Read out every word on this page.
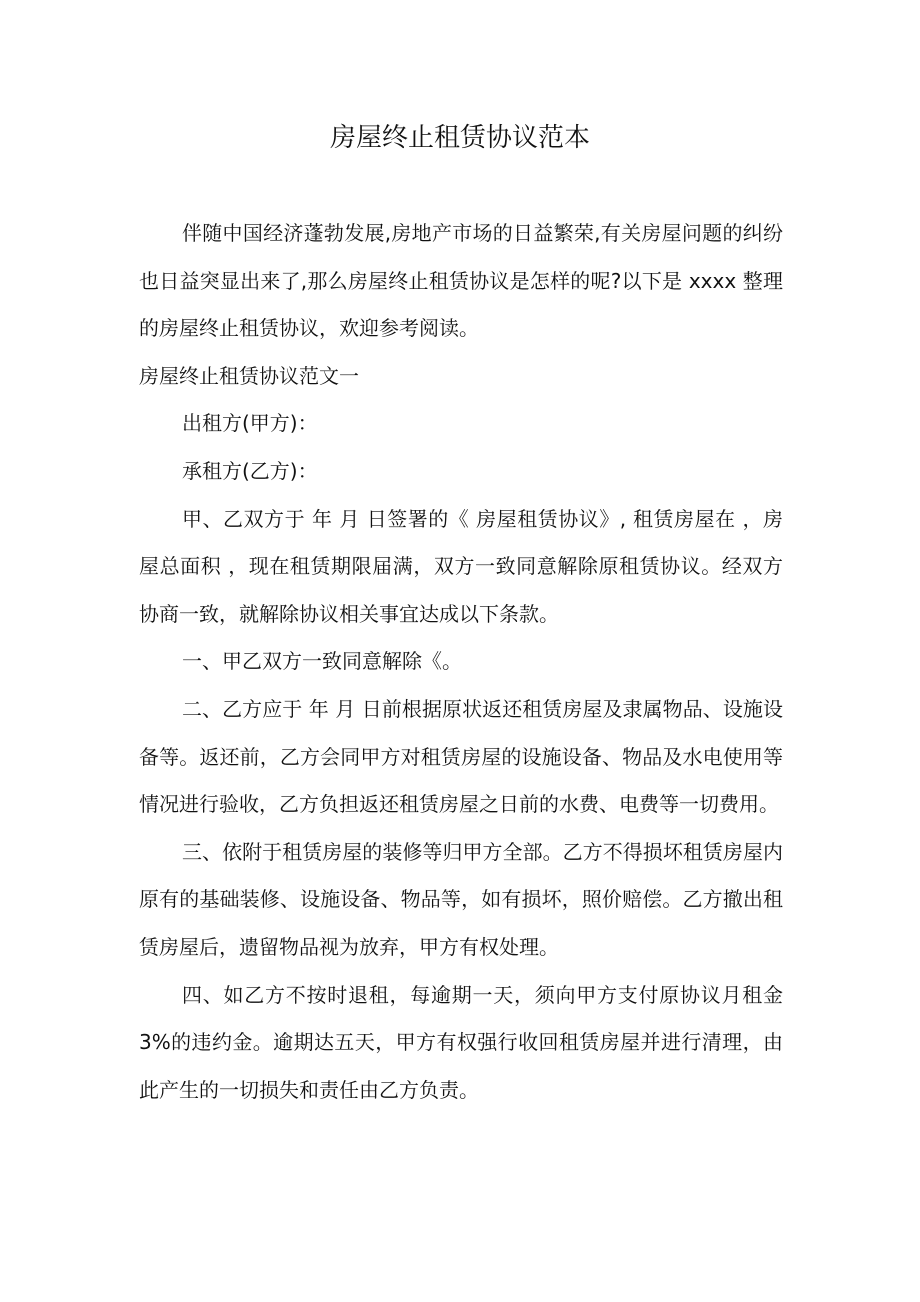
房屋终止租赁协议范本

伴随中国经济蓬勃发展,房地产市场的日益繁荣,有关房屋问题的纠纷也日益突显出来了,那么房屋终止租赁协议是怎样的呢?以下是 xxxx 整理的房屋终止租赁协议，欢迎参考阅读。

房屋终止租赁协议范文一

出租方(甲方)：

承租方(乙方)：

甲、乙双方于 年 月 日签署的《 房屋租赁协议》, 租赁房屋在 ，房屋总面积 ，现在租赁期限届满，双方一致同意解除原租赁协议。经双方协商一致，就解除协议相关事宜达成以下条款。

一、甲乙双方一致同意解除《。

二、乙方应于 年 月 日前根据原状返还租赁房屋及隶属物品、设施设备等。返还前，乙方会同甲方对租赁房屋的设施设备、物品及水电使用等情况进行验收，乙方负担返还租赁房屋之日前的水费、电费等一切费用。

三、依附于租赁房屋的装修等归甲方全部。乙方不得损坏租赁房屋内原有的基础装修、设施设备、物品等，如有损坏，照价赔偿。乙方撤出租赁房屋后，遗留物品视为放弃，甲方有权处理。

四、如乙方不按时退租，每逾期一天，须向甲方支付原协议月租金 3%的违约金。逾期达五天，甲方有权强行收回租赁房屋并进行清理，由此产生的一切损失和责任由乙方负责。
